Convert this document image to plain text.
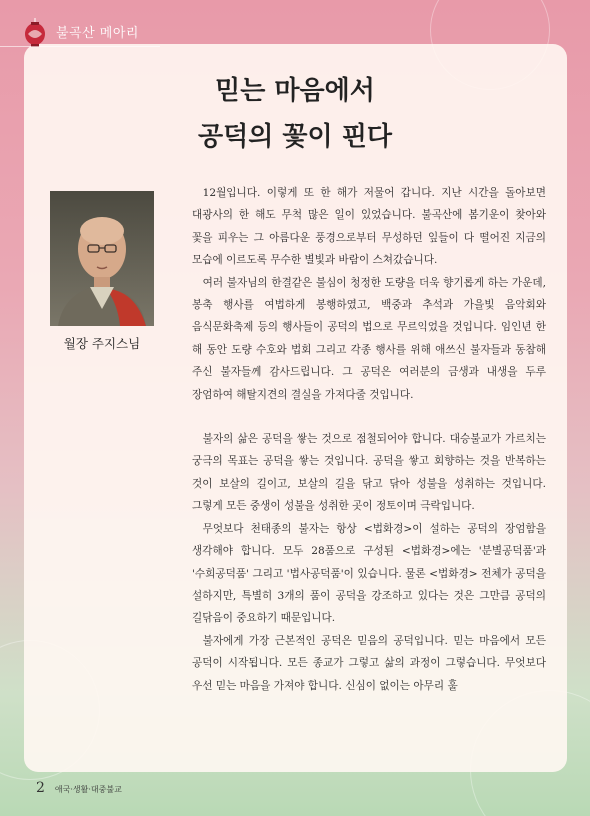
불곡산 메아리
믿는 마음에서
공덕의 꽃이 핀다
월장 주지스님

12월입니다. 이렇게 또 한 해가 저물어 갑니다. 지난 시간을 돌아보면 대광사의 한 해도 무척 많은 일이 있었습니다. 불곡산에 봄기운이 찾아와 꽃을 피우는 그 아름다운 풍경으로부터 무성하던 잎들이 다 떨어진 지금의 모습에 이르도록 무수한 별빛과 바람이 스쳐갔습니다.

여러 불자님의 한결같은 불심이 청정한 도량을 더욱 향기롭게 하는 가운데, 봉축 행사를 여법하게 봉행하였고, 백중과 추석과 가을빛 음악회와 음식문화축제 등의 행사들이 공덕의 법으로 무르익었을 것입니다. 임인년 한 해 동안 도량 수호와 법회 그리고 각종 행사를 위해 애쓰신 불자들과 동참해 주신 불자들께 감사드립니다. 그 공덕은 여러분의 금생과 내생을 두루 장엄하여 해탈지견의 결실을 가져다줄 것입니다.

불자의 삶은 공덕을 쌓는 것으로 점철되어야 합니다. 대승불교가 가르치는 궁극의 목표는 공덕을 쌓는 것입니다. 공덕을 쌓고 회향하는 것을 반복하는 것이 보살의 길이고, 보살의 길을 닦고 닦아 성불을 성취하는 것입니다. 그렇게 모든 중생이 성불을 성취한 곳이 정토이며 극락입니다.

무엇보다 천태종의 불자는 항상 <법화경>이 설하는 공덕의 장엄함을 생각해야 합니다. 모두 28품으로 구성된 <법화경>에는 '분별공덕품'과 '수희공덕품' 그리고 '법사공덕품'이 있습니다. 물론 <법화경> 전체가 공덕을 설하지만, 특별히 3개의 품이 공덕을 강조하고 있다는 것은 그만큼 공덕의 길닦음이 중요하기 때문입니다.

불자에게 가장 근본적인 공덕은 믿음의 공덕입니다. 믿는 마음에서 모든 공덕이 시작됩니다. 모든 종교가 그렇고 삶의 과정이 그렇습니다. 무엇보다 우선 믿는 마음을 가져야 합니다. 신심이 없이는 아무리 훌

2 애국·생활·대중불교
